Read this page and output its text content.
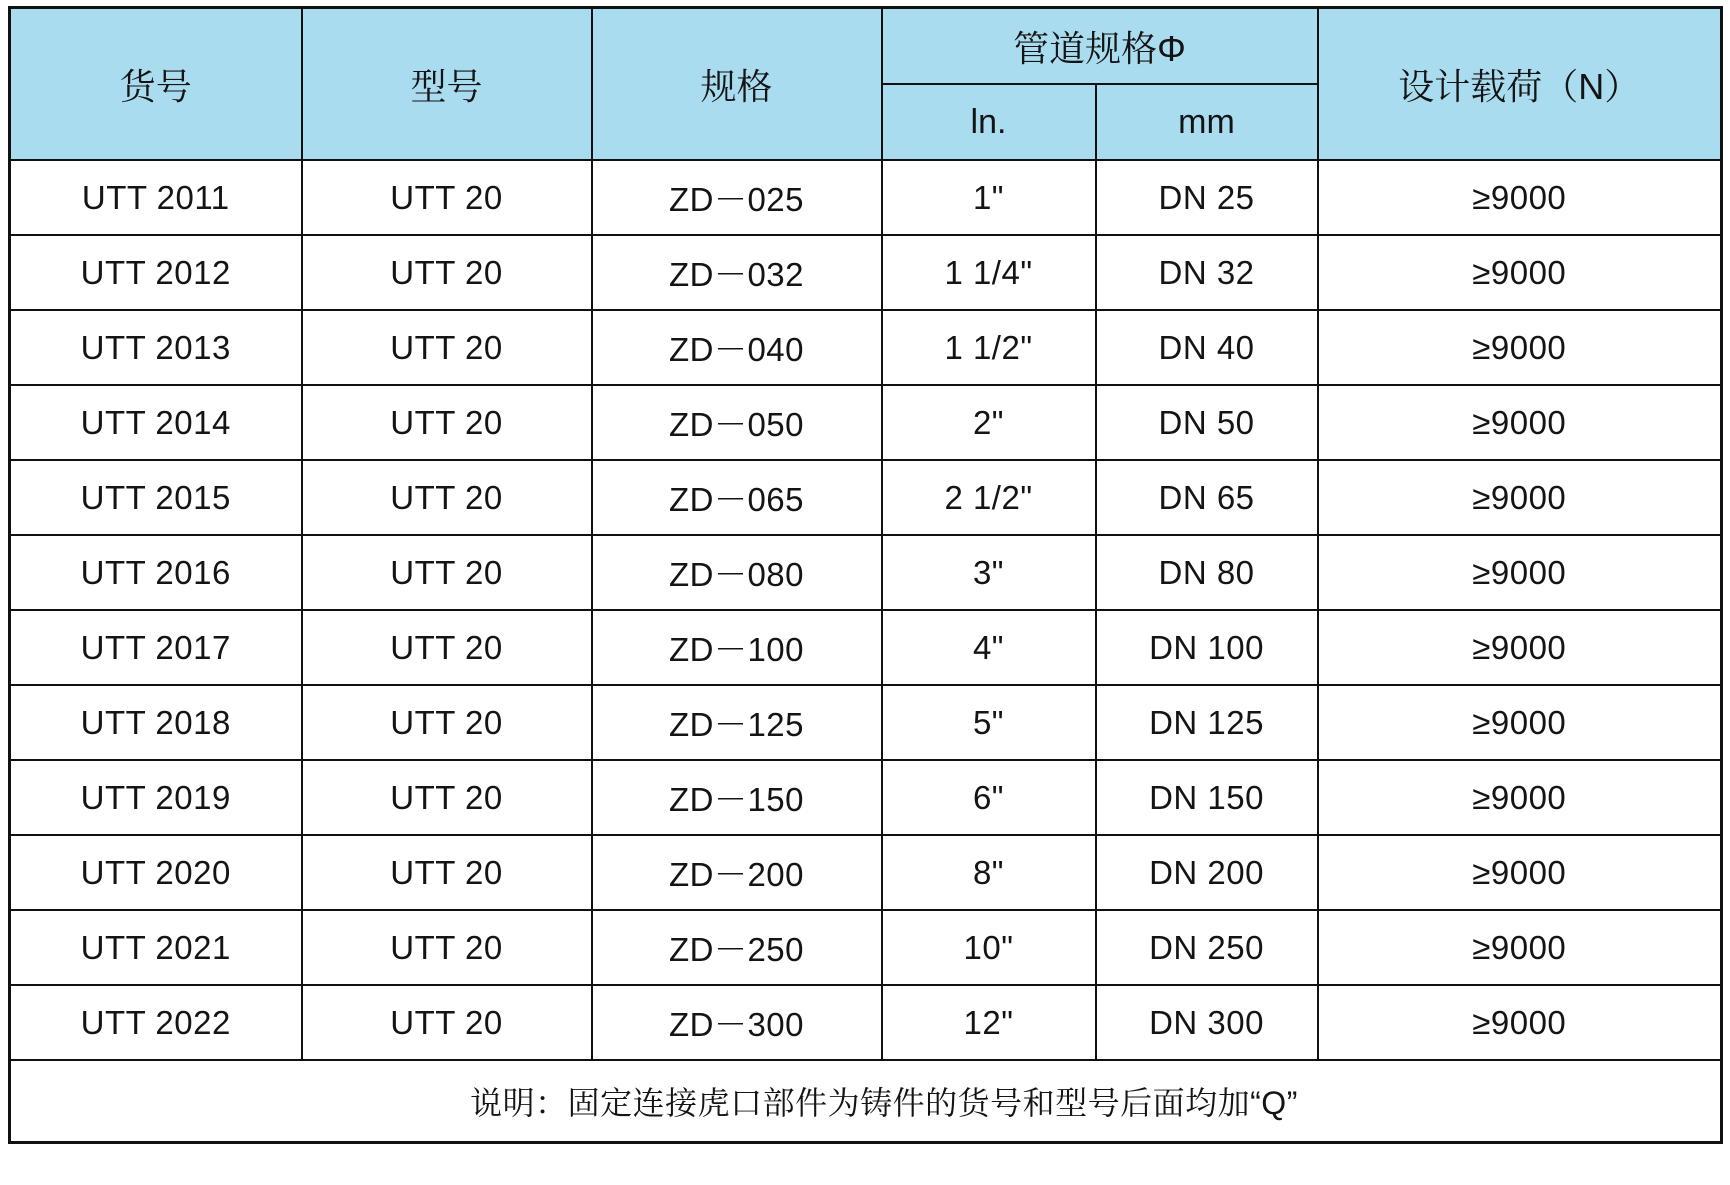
货号	型号	规格	管道规格Φ		设计载荷（N）
			ln.	mm	
UTT 2011	UTT 20	ZD－025	1"	DN 25	≥9000
UTT 2012	UTT 20	ZD－032	1 1/4"	DN 32	≥9000
UTT 2013	UTT 20	ZD－040	1 1/2"	DN 40	≥9000
UTT 2014	UTT 20	ZD－050	2"	DN 50	≥9000
UTT 2015	UTT 20	ZD－065	2 1/2"	DN 65	≥9000
UTT 2016	UTT 20	ZD－080	3"	DN 80	≥9000
UTT 2017	UTT 20	ZD－100	4"	DN 100	≥9000
UTT 2018	UTT 20	ZD－125	5"	DN 125	≥9000
UTT 2019	UTT 20	ZD－150	6"	DN 150	≥9000
UTT 2020	UTT 20	ZD－200	8"	DN 200	≥9000
UTT 2021	UTT 20	ZD－250	10"	DN 250	≥9000
UTT 2022	UTT 20	ZD－300	12"	DN 300	≥9000
说明：固定连接虎口部件为铸件的货号和型号后面均加“Q”					
